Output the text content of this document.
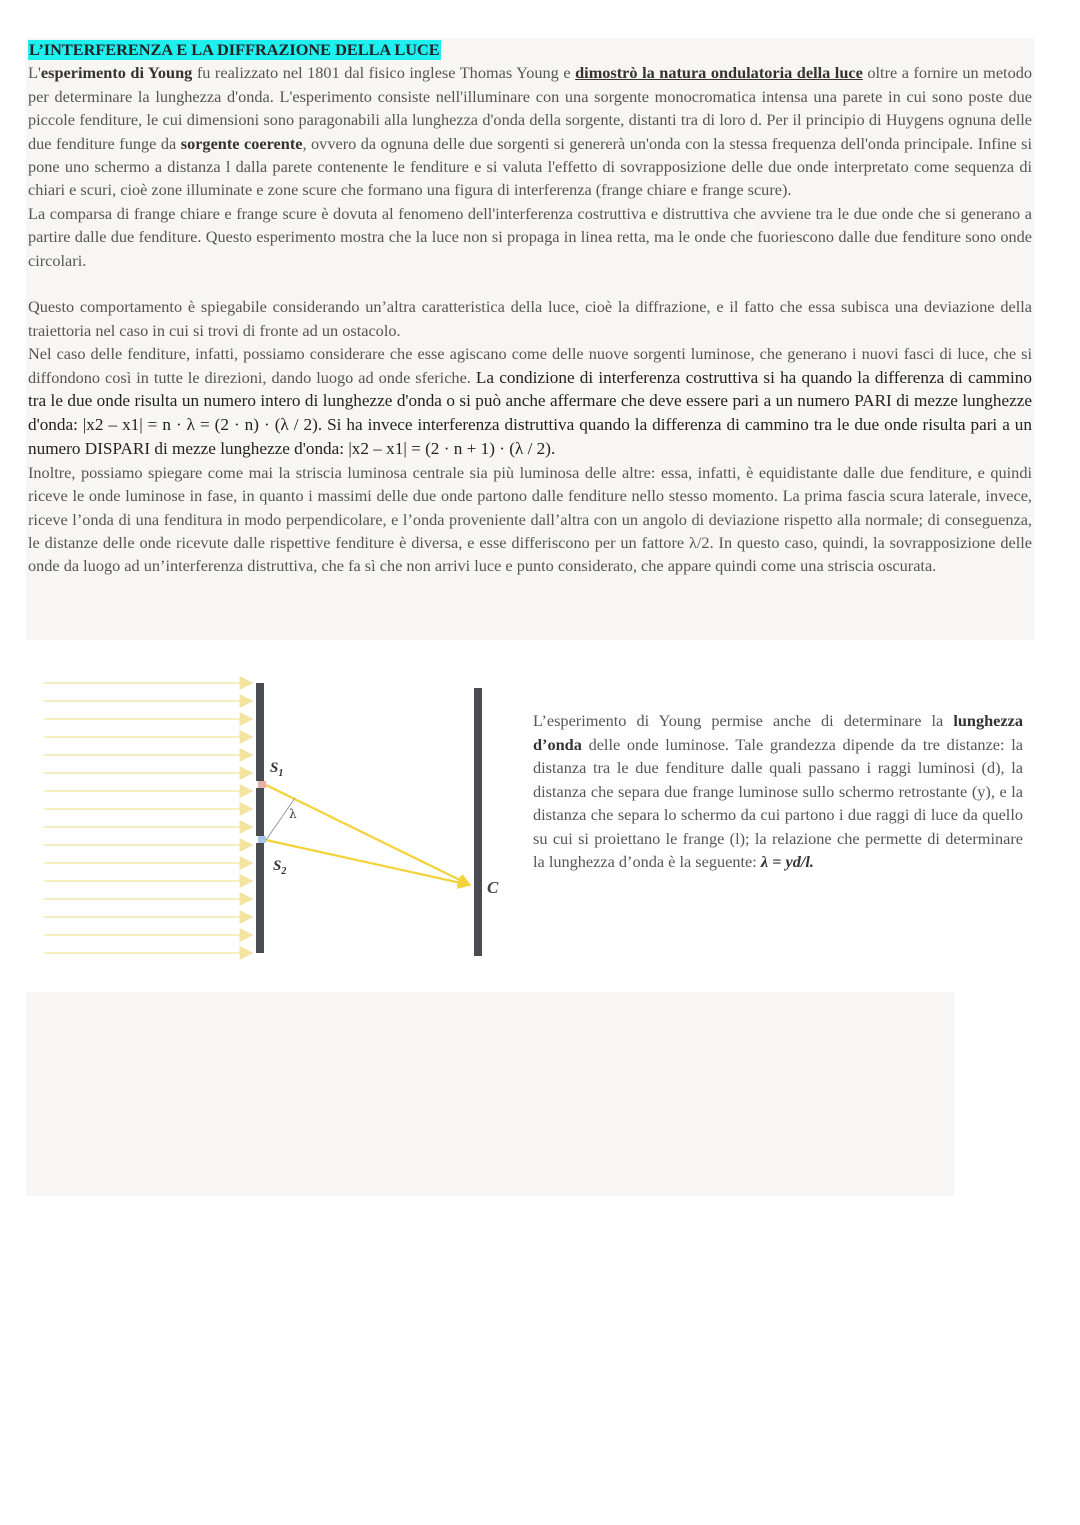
L’INTERFERENZA E LA DIFFRAZIONE DELLA LUCE

L'esperimento di Young fu realizzato nel 1801 dal fisico inglese Thomas Young e dimostrò la natura ondulatoria della luce oltre a fornire un metodo per determinare la lunghezza d'onda. L'esperimento consiste nell'illuminare con una sorgente monocromatica intensa una parete in cui sono poste due piccole fenditure, le cui dimensioni sono paragonabili alla lunghezza d'onda della sorgente, distanti tra di loro d. Per il principio di Huygens ognuna delle due fenditure funge da sorgente coerente, ovvero da ognuna delle due sorgenti si genererà un'onda con la stessa frequenza dell'onda principale. Infine si pone uno schermo a distanza l dalla parete contenente le fenditure e si valuta l'effetto di sovrapposizione delle due onde interpretato come sequenza di chiari e scuri, cioè zone illuminate e zone scure che formano una figura di interferenza (frange chiare e frange scure).

La comparsa di frange chiare e frange scure è dovuta al fenomeno dell'interferenza costruttiva e distruttiva che avviene tra le due onde che si generano a partire dalle due fenditure. Questo esperimento mostra che la luce non si propaga in linea retta, ma le onde che fuoriescono dalle due fenditure sono onde circolari.

Questo comportamento è spiegabile considerando un’altra caratteristica della luce, cioè la diffrazione, e il fatto che essa subisca una deviazione della traiettoria nel caso in cui si trovi di fronte ad un ostacolo.

Nel caso delle fenditure, infatti, possiamo considerare che esse agiscano come delle nuove sorgenti luminose, che generano i nuovi fasci di luce, che si diffondono così in tutte le direzioni, dando luogo ad onde sferiche. La condizione di interferenza costruttiva si ha quando la differenza di cammino tra le due onde risulta un numero intero di lunghezze d'onda o si può anche affermare che deve essere pari a un numero PARI di mezze lunghezze d'onda: |x2 – x1| = n · λ = (2 · n) · (λ / 2). Si ha invece interferenza distruttiva quando la differenza di cammino tra le due onde risulta pari a un numero DISPARI di mezze lunghezze d'onda: |x2 – x1| = (2 · n + 1) · (λ / 2).

Inoltre, possiamo spiegare come mai la striscia luminosa centrale sia più luminosa delle altre: essa, infatti, è equidistante dalle due fenditure, e quindi riceve le onde luminose in fase, in quanto i massimi delle due onde partono dalle fenditure nello stesso momento. La prima fascia scura laterale, invece, riceve l’onda di una fenditura in modo perpendicolare, e l’onda proveniente dall’altra con un angolo di deviazione rispetto alla normale; di conseguenza, le distanze delle onde ricevute dalle rispettive fenditure è diversa, e esse differiscono per un fattore λ/2. In questo caso, quindi, la sovrapposizione delle onde da luogo ad un’interferenza distruttiva, che fa sì che non arrivi luce e punto considerato, che appare quindi come una striscia oscurata.

$S_1$
$S_2$
λ
C
L’esperimento di Young permise anche di determinare la lunghezza d’onda delle onde luminose. Tale grandezza dipende da tre distanze: la distanza tra le due fenditure dalle quali passano i raggi luminosi (d), la distanza che separa due frange luminose sullo schermo retrostante (y), e la distanza che separa lo schermo da cui partono i due raggi di luce da quello su cui si proiettano le frange (l); la relazione che permette di determinare la lunghezza d’onda è la seguente: λ = yd/l.
